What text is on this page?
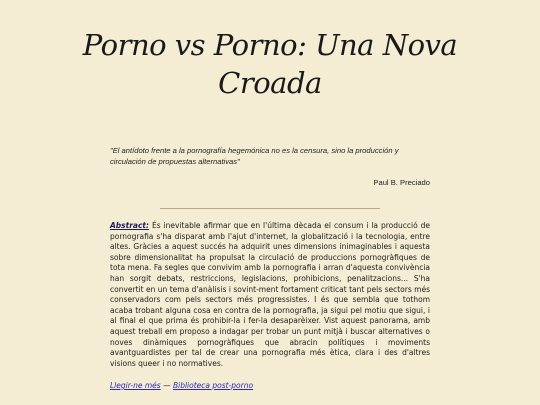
Porno vs Porno: Una Nova Croada

"El antídoto frente a la pornografía hegemónica no es la censura, sino la producción y circulación de propuestas alternativas"

Paul B. Preciado

Abstract: És inevitable afirmar que en l'última dècada el consum i la producció de pornografia s'ha disparat amb l'ajut d'internet, la globalització i la tecnologia, entre altes. Gràcies a aquest succés ha adquirit unes dimensions inimaginables i aquesta sobre dimensionalitat ha propulsat la circulació de produccions pornogràfiques de tota mena. Fa segles que convivim amb la pornografia i arran d'aquesta convivència han sorgit debats, restriccions, legislacions, prohibicions, penalitzacions... S'ha convertit en un tema d'anàlisis i sovint-ment fortament criticat tant pels sectors més conservadors com pels sectors més progressistes. I és que sembla que tothom acaba trobant alguna cosa en contra de la pornografia, ja sigui pel motiu que sigui, i al final el que prima és prohibir-la i fer-la desaparèixer. Vist aquest panorama, amb aquest treball em proposo a indagar per trobar un punt mitjà i buscar alternatives o noves dinàmiques pornogràfiques que abracin polítiques i moviments avantguardistes per tal de crear una pornografia més ètica, clara i des d'altres visions queer i no normatives.

Llegir-ne més — Biblioteca post-porno
